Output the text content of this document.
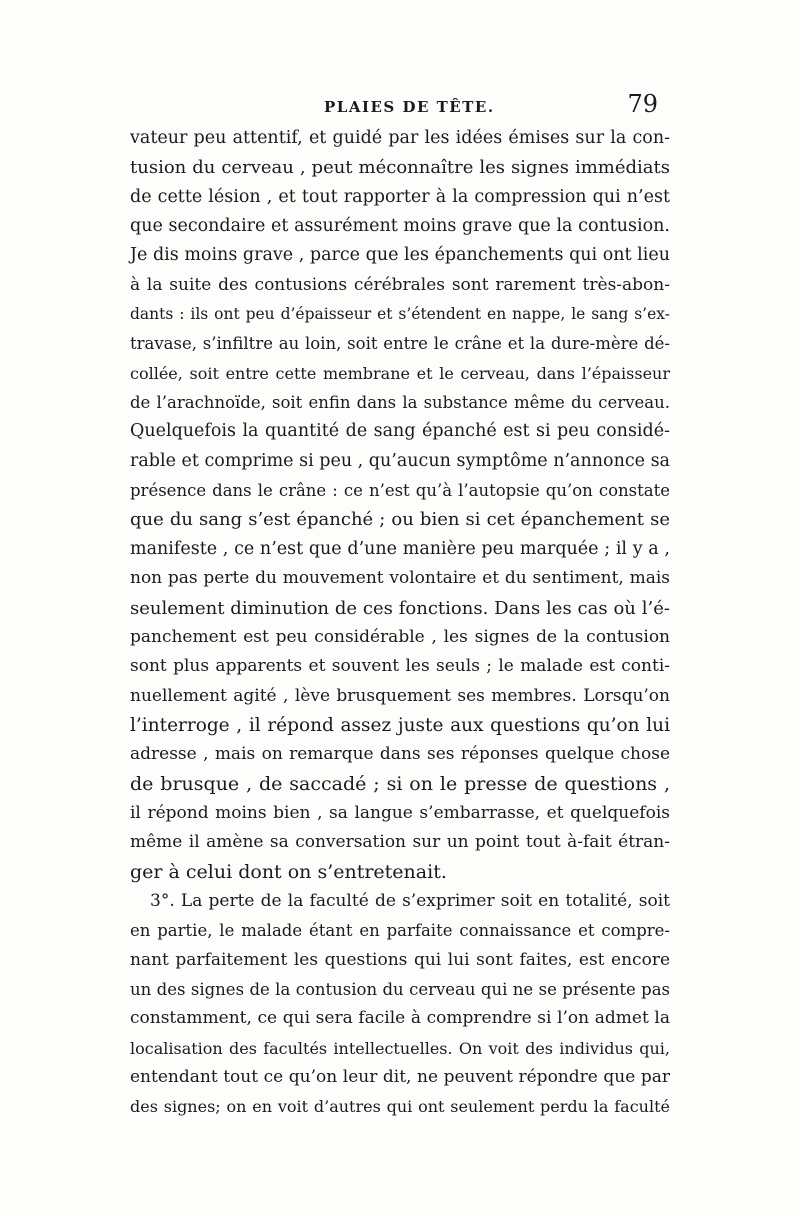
PLAIES DE TÊTE.	79
vateur peu attentif, et guidé par les idées émises sur la con-
tusion du cerveau , peut méconnaître les signes immédiats
de cette lésion , et tout rapporter à la compression qui n’est
que secondaire et assurément moins grave que la contusion.
Je dis moins grave , parce que les épanchements qui ont lieu
à la suite des contusions cérébrales sont rarement très-abon-
dants : ils ont peu d’épaisseur et s’étendent en nappe, le sang s’ex-
travase, s’infiltre au loin, soit entre le crâne et la dure-mère dé-
collée, soit entre cette membrane et le cerveau, dans l’épaisseur
de l’arachnoïde, soit enfin dans la substance même du cerveau.
Quelquefois la quantité de sang épanché est si peu considé-
rable et comprime si peu , qu’aucun symptôme n’annonce sa
présence dans le crâne : ce n’est qu’à l’autopsie qu’on constate
que du sang s’est épanché ; ou bien si cet épanchement se
manifeste , ce n’est que d’une manière peu marquée ; il y a ,
non pas perte du mouvement volontaire et du sentiment, mais
seulement diminution de ces fonctions. Dans les cas où l’é-
panchement est peu considérable , les signes de la contusion
sont plus apparents et souvent les seuls ; le malade est conti-
nuellement agité , lève brusquement ses membres. Lorsqu’on
l’interroge , il répond assez juste aux questions qu’on lui
adresse , mais on remarque dans ses réponses quelque chose
de brusque , de saccadé ; si on le presse de questions ,
il répond moins bien , sa langue s’embarrasse, et quelquefois
même il amène sa conversation sur un point tout à-fait étran-
ger à celui dont on s’entretenait.
3°. La perte de la faculté de s’exprimer soit en totalité, soit
en partie, le malade étant en parfaite connaissance et compre-
nant parfaitement les questions qui lui sont faites, est encore
un des signes de la contusion du cerveau qui ne se présente pas
constamment, ce qui sera facile à comprendre si l’on admet la
localisation des facultés intellectuelles. On voit des individus qui,
entendant tout ce qu’on leur dit, ne peuvent répondre que par
des signes; on en voit d’autres qui ont seulement perdu la faculté
